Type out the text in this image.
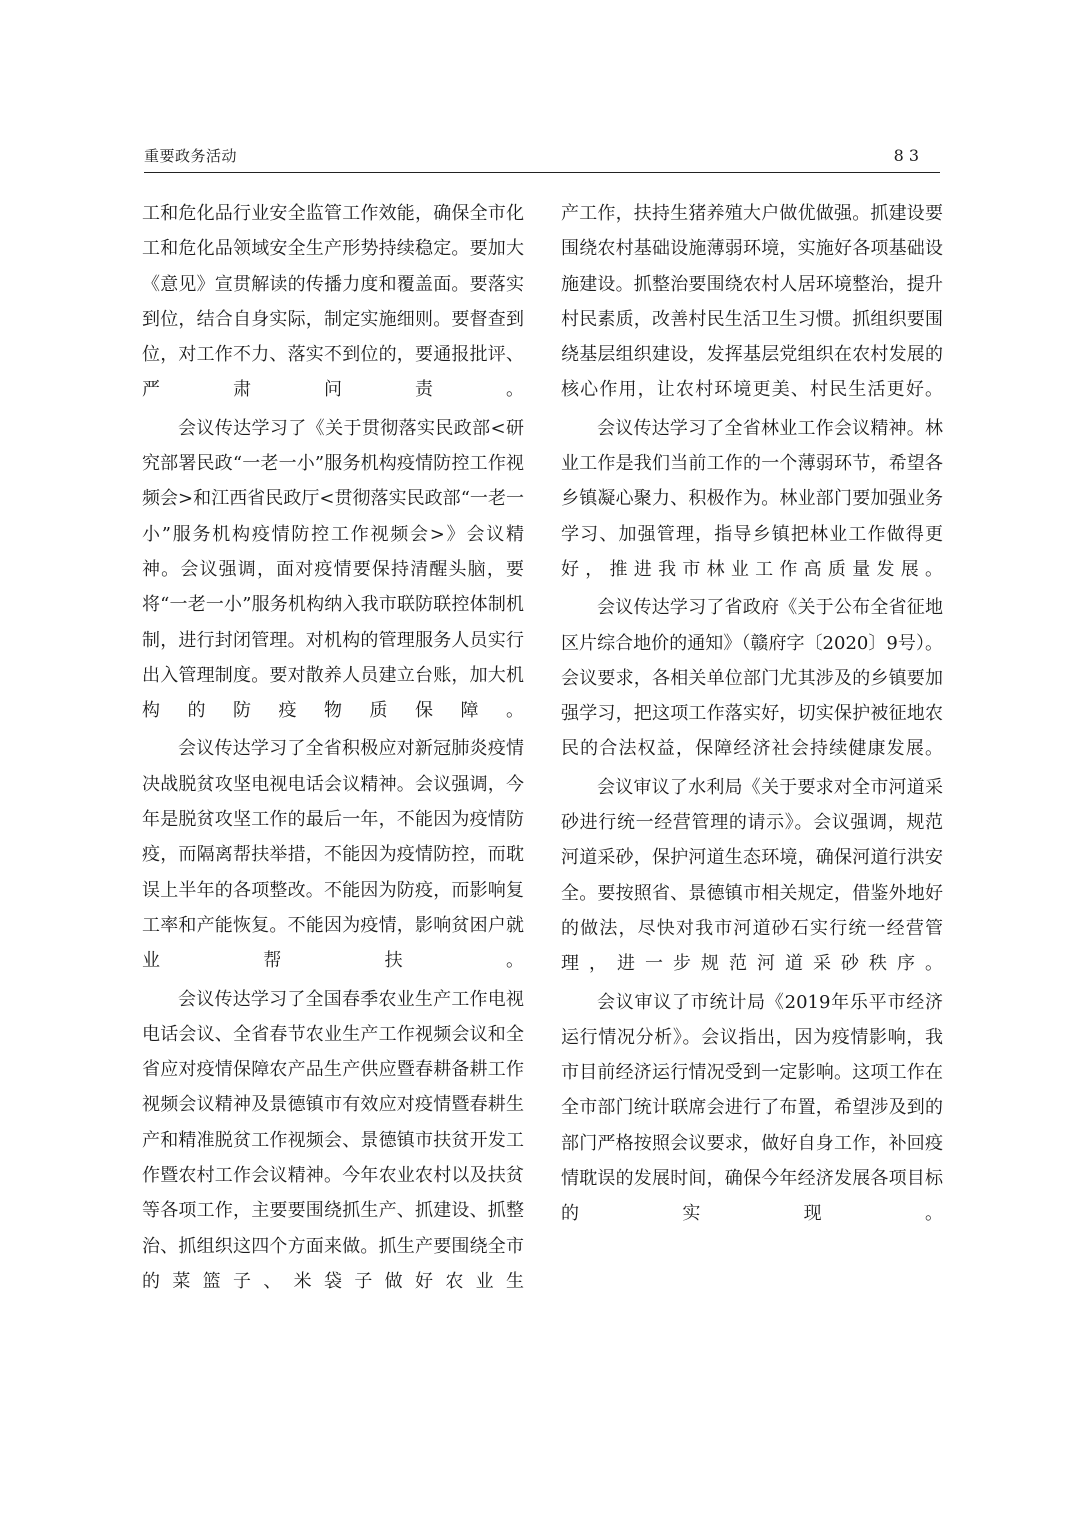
重要政务活动	83

工和危化品行业安全监管工作效能，确保全市化工和危化品领域安全生产形势持续稳定。要加大《意见》宣贯解读的传播力度和覆盖面。要落实到位，结合自身实际，制定实施细则。要督查到位，对工作不力、落实不到位的，要通报批评、严肃问责。

会议传达学习了《关于贯彻落实民政部<研究部署民政“一老一小”服务机构疫情防控工作视频会>和江西省民政厅<贯彻落实民政部“一老一小”服务机构疫情防控工作视频会>》会议精神。会议强调，面对疫情要保持清醒头脑，要将“一老一小”服务机构纳入我市联防联控体制机制，进行封闭管理。对机构的管理服务人员实行出入管理制度。要对散养人员建立台账，加大机构的防疫物质保障。

会议传达学习了全省积极应对新冠肺炎疫情决战脱贫攻坚电视电话会议精神。会议强调，今年是脱贫攻坚工作的最后一年，不能因为疫情防疫，而隔离帮扶举措，不能因为疫情防控，而耽误上半年的各项整改。不能因为防疫，而影响复工率和产能恢复。不能因为疫情，影响贫困户就业帮扶。

会议传达学习了全国春季农业生产工作电视电话会议、全省春节农业生产工作视频会议和全省应对疫情保障农产品生产供应暨春耕备耕工作视频会议精神及景德镇市有效应对疫情暨春耕生产和精准脱贫工作视频会、景德镇市扶贫开发工作暨农村工作会议精神。今年农业农村以及扶贫等各项工作，主要要围绕抓生产、抓建设、抓整治、抓组织这四个方面来做。抓生产要围绕全市的菜篮子、米袋子做好农业生

产工作，扶持生猪养殖大户做优做强。抓建设要围绕农村基础设施薄弱环境，实施好各项基础设施建设。抓整治要围绕农村人居环境整治，提升村民素质，改善村民生活卫生习惯。抓组织要围绕基层组织建设，发挥基层党组织在农村发展的核心作用，让农村环境更美、村民生活更好。

会议传达学习了全省林业工作会议精神。林业工作是我们当前工作的一个薄弱环节，希望各乡镇凝心聚力、积极作为。林业部门要加强业务学习、加强管理，指导乡镇把林业工作做得更好，推进我市林业工作高质量发展。

会议传达学习了省政府《关于公布全省征地区片综合地价的通知》（赣府字〔2020〕9号）。会议要求，各相关单位部门尤其涉及的乡镇要加强学习，把这项工作落实好，切实保护被征地农民的合法权益，保障经济社会持续健康发展。

会议审议了水利局《关于要求对全市河道采砂进行统一经营管理的请示》。会议强调，规范河道采砂，保护河道生态环境，确保河道行洪安全。要按照省、景德镇市相关规定，借鉴外地好的做法，尽快对我市河道砂石实行统一经营管理，进一步规范河道采砂秩序。

会议审议了市统计局《2019年乐平市经济运行情况分析》。会议指出，因为疫情影响，我市目前经济运行情况受到一定影响。这项工作在全市部门统计联席会进行了布置，希望涉及到的部门严格按照会议要求，做好自身工作，补回疫情耽误的发展时间，确保今年经济发展各项目标的实现。
